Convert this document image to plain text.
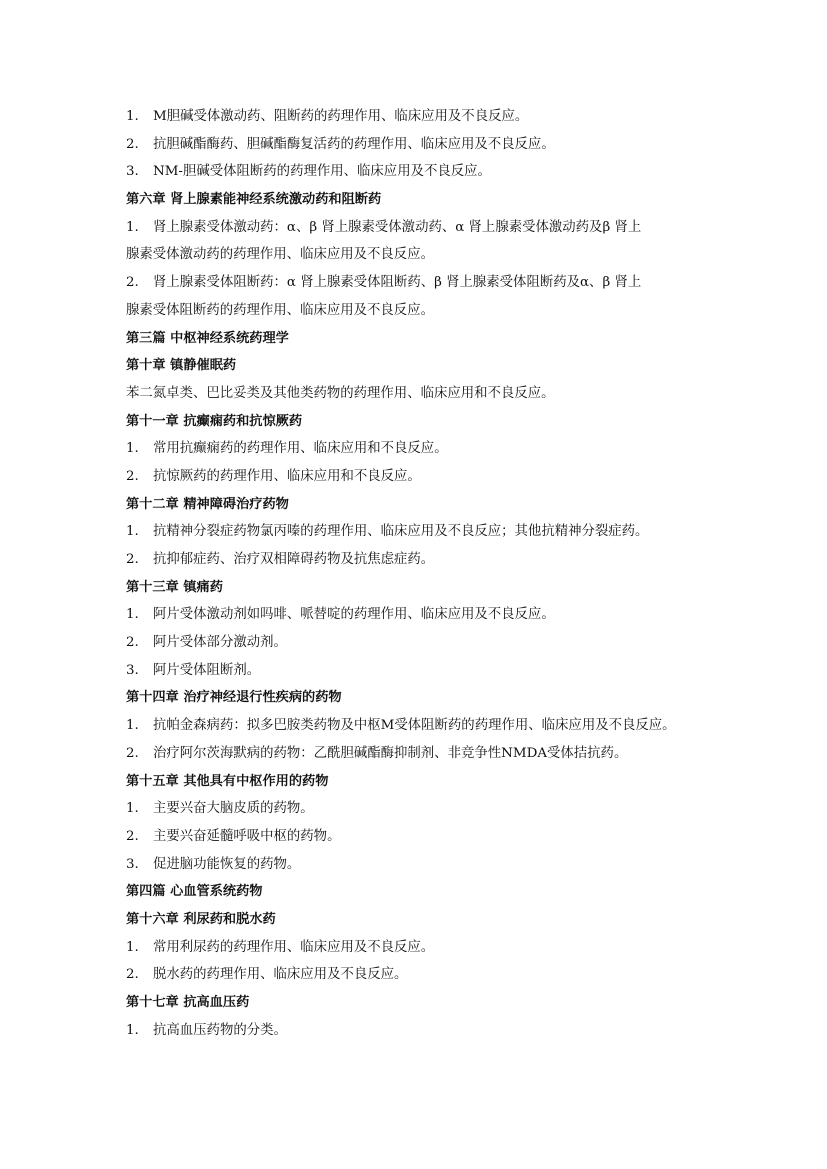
1. M胆碱受体激动药、阻断药的药理作用、临床应用及不良反应。
2. 抗胆碱酯酶药、胆碱酯酶复活药的药理作用、临床应用及不良反应。
3. NM-胆碱受体阻断药的药理作用、临床应用及不良反应。
第六章 肾上腺素能神经系统激动药和阻断药
1. 肾上腺素受体激动药：α、β 肾上腺素受体激动药、α 肾上腺素受体激动药及β 肾上
腺素受体激动药的药理作用、临床应用及不良反应。
2. 肾上腺素受体阻断药：α 肾上腺素受体阻断药、β 肾上腺素受体阻断药及α、β 肾上
腺素受体阻断药的药理作用、临床应用及不良反应。
第三篇 中枢神经系统药理学
第十章 镇静催眠药
苯二氮卓类、巴比妥类及其他类药物的药理作用、临床应用和不良反应。
第十一章 抗癫痫药和抗惊厥药
1. 常用抗癫痫药的药理作用、临床应用和不良反应。
2. 抗惊厥药的药理作用、临床应用和不良反应。
第十二章 精神障碍治疗药物
1. 抗精神分裂症药物氯丙嗪的药理作用、临床应用及不良反应；其他抗精神分裂症药。
2. 抗抑郁症药、治疗双相障碍药物及抗焦虑症药。
第十三章 镇痛药
1. 阿片受体激动剂如吗啡、哌替啶的药理作用、临床应用及不良反应。
2. 阿片受体部分激动剂。
3. 阿片受体阻断剂。
第十四章 治疗神经退行性疾病的药物
1. 抗帕金森病药：拟多巴胺类药物及中枢M受体阻断药的药理作用、临床应用及不良反应。
2. 治疗阿尔茨海默病的药物：乙酰胆碱酯酶抑制剂、非竞争性NMDA受体拮抗药。
第十五章 其他具有中枢作用的药物
1. 主要兴奋大脑皮质的药物。
2. 主要兴奋延髓呼吸中枢的药物。
3. 促进脑功能恢复的药物。
第四篇 心血管系统药物
第十六章 利尿药和脱水药
1. 常用利尿药的药理作用、临床应用及不良反应。
2. 脱水药的药理作用、临床应用及不良反应。
第十七章 抗高血压药
1. 抗高血压药物的分类。
